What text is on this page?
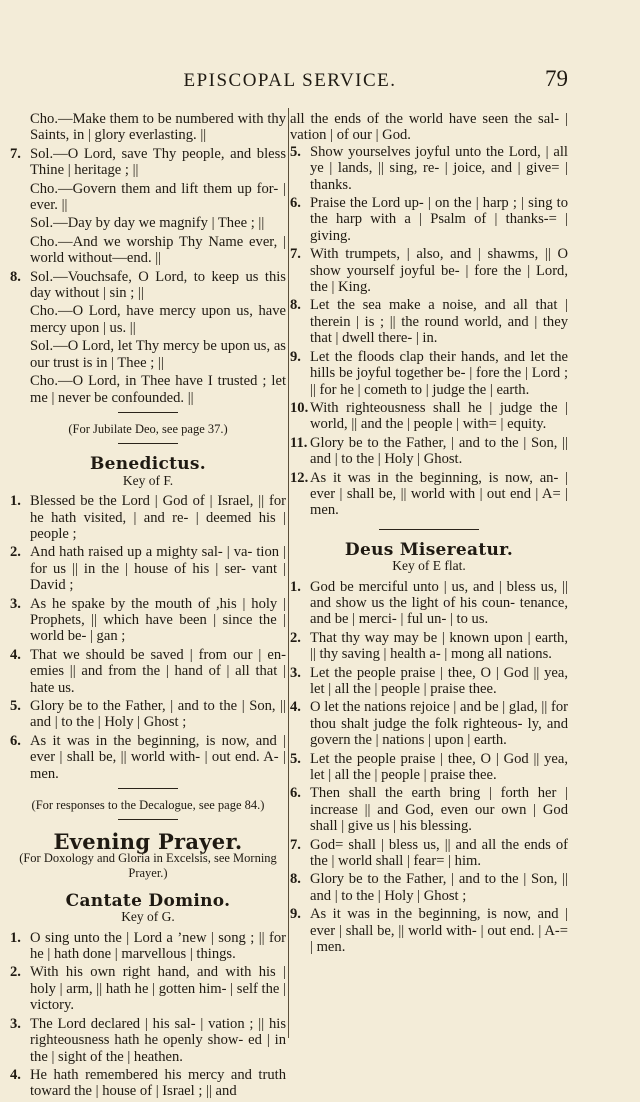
EPISCOPAL SERVICE.	79
Cho.—Make them to be numbered with thy Saints, in | glory everlasting. ||
7. Sol.—O Lord, save Thy people, and bless Thine | heritage ; ||
Cho.—Govern them and lift them up for- | ever. ||
Sol.—Day by day we magnify | Thee ; ||
Cho.—And we worship Thy Name ever, | world without—end. ||
8. Sol.—Vouchsafe, O Lord, to keep us this day without | sin ; ||
Cho.—O Lord, have mercy upon us, have mercy upon | us. ||
Sol.—O Lord, let Thy mercy be upon us, as our trust is in | Thee ; ||
Cho.—O Lord, in Thee have I trusted ; let me | never be confounded. ||
(For Jubilate Deo, see page 37.)
Benedictus.
Key of F.
1. Blessed be the Lord | God of | Israel, || for he hath visited, | and re- | deemed his | people ;
2. And hath raised up a mighty sal- | va- tion | for us || in the | house of his | ser- vant | David ;
3. As he spake by the mouth of ,his | holy | Prophets, || which have been | since the | world be- | gan ;
4. That we should be saved | from our | en- emies || and from the | hand of | all that | hate us.
5. Glory be to the Father, | and to the | Son, || and | to the | Holy | Ghost ;
6. As it was in the beginning, is now, and | ever | shall be, || world with- | out end. A- | men.
(For responses to the Decalogue, see page 84.)
Evening Prayer.
(For Doxology and Gloria in Excelsis, see Morning Prayer.)
Cantate Domino.
Key of G.
1. O sing unto the | Lord a ’new | song ; || for he | hath done | marvellous | things.
2. With his own right hand, and with his | holy | arm, || hath he | gotten him- | self the | victory.
3. The Lord declared | his sal- | vation ; || his righteousness hath he openly show- ed | in the | sight of the | heathen.
4. He hath remembered his mercy and truth toward the | house of | Israel ; || and
all the ends of the world have seen the sal- | vation | of our | God.
5. Show yourselves joyful unto the Lord, | all ye | lands, || sing, re- | joice, and | give= | thanks.
6. Praise the Lord up- | on the | harp ; | sing to the harp with a | Psalm of | thanks-= | giving.
7. With trumpets, | also, and | shawms, || O show yourself joyful be- | fore the | Lord, the | King.
8. Let the sea make a noise, and all that | therein | is ; || the round world, and | they that | dwell there- | in.
9. Let the floods clap their hands, and let the hills be joyful together be- | fore the | Lord ; || for he | cometh to | judge the | earth.
10. With righteousness shall he | judge the | world, || and the | people | with= | equity.
11. Glory be to the Father, | and to the | Son, || and | to the | Holy | Ghost.
12. As it was in the beginning, is now, an- | ever | shall be, || world with | out end | A= | men.
Deus Misereatur.
Key of E flat.
1. God be merciful unto | us, and | bless us, || and show us the light of his coun- tenance, and be | merci- | ful un- | to us.
2. That thy way may be | known upon | earth, || thy saving | health a- | mong all nations.
3. Let the people praise | thee, O | God || yea, let | all the | people | praise thee.
4. O let the nations rejoice | and be | glad, || for thou shalt judge the folk righteous- ly, and govern the | nations | upon | earth.
5. Let the people praise | thee, O | God || yea, let | all the | people | praise thee.
6. Then shall the earth bring | forth her | increase || and God, even our own | God shall | give us | his blessing.
7. God= shall | bless us, || and all the ends of the | world shall | fear= | him.
8. Glory be to the Father, | and to the | Son, || and | to the | Holy | Ghost ;
9. As it was in the beginning, is now, and | ever | shall be, || world with- | out end. | A-= | men.
